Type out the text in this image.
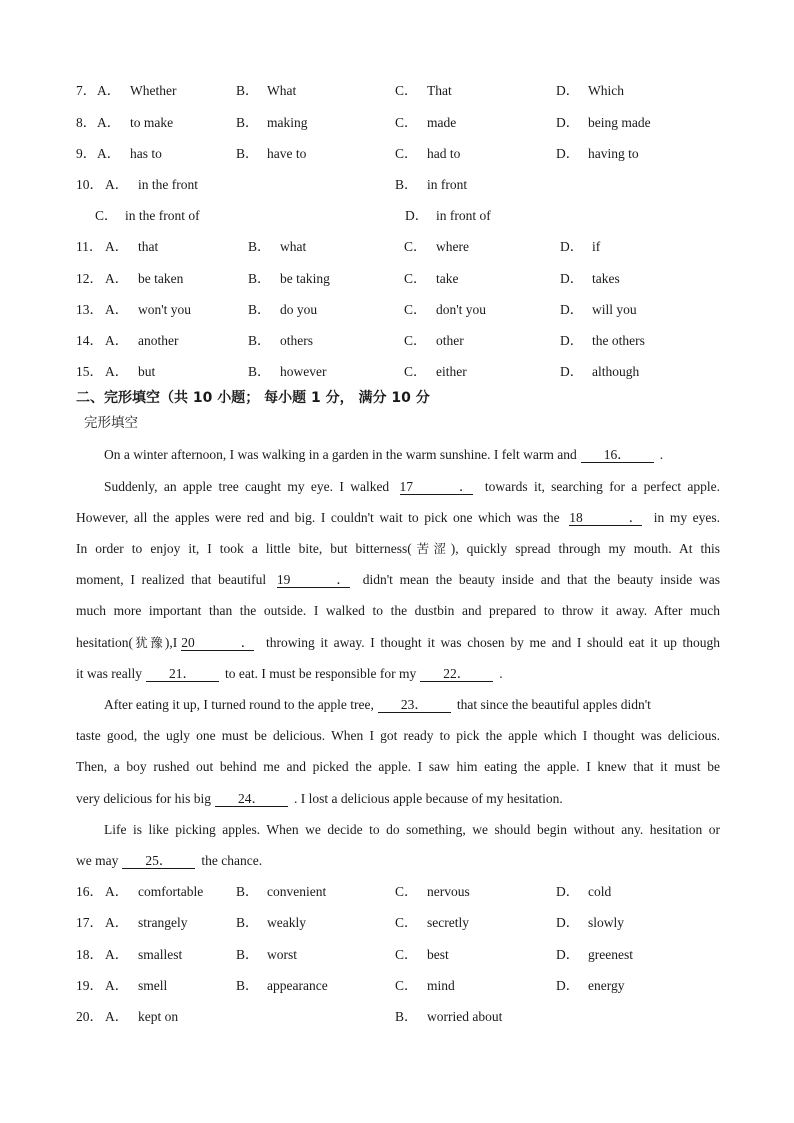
7． A． Whether	B． What	C． That	D． Which
8． A． to make	B． making	C． made	D． being made
9． A． has to	B． have to	C． had to	D． having to
10． A． in the front	B． in front
C． in the front of	D． in front of
11． A． that	B． what	C． where	D． if
12． A． be taken	B． be taking	C． take	D． takes
13． A． won't you	B． do you	C． don't you	D． will you
14． A． another	B． others	C． other	D． the others
15． A． but	B． however	C． either	D． although
二、完形填空（共 10 小题； 每小题 1 分， 满分 10 分
完形填空
On a winter afternoon, I was walking in a garden in the warm sunshine. I felt warm and 16． .
Suddenly, an apple tree caught my eye. I walked 17． towards it, searching for a perfect apple.
However, all the apples were red and big. I couldn't wait to pick one which was the 18． in my eyes.
In order to enjoy it, I took a little bite, but bitterness(苦涩), quickly spread through my mouth. At this
moment, I realized that beautiful 19． didn't mean the beauty inside and that the beauty inside was
much more important than the outside. I walked to the dustbin and prepared to throw it away. After much
hesitation(犹豫),I 20． throwing it away. I thought it was chosen by me and I should eat it up though
it was really 21． to eat. I must be responsible for my 22． .
After eating it up, I turned round to the apple tree, 23． that since the beautiful apples didn't
taste good, the ugly one must be delicious. When I got ready to pick the apple which I thought was delicious.
Then, a boy rushed out behind me and picked the apple. I saw him eating the apple. I knew that it must be
very delicious for his big 24． . I lost a delicious apple because of my hesitation.
Life is like picking apples. When we decide to do something, we should begin without any. hesitation or
we may 25． the chance.
16． A． comfortable B． convenient	C． nervous	D． cold
17． A． strangely	B． weakly	C． secretly	D． slowly
18． A． smallest	B． worst	C． best	D． greenest
19． A． smell	B． appearance	C． mind	D． energy
20． A． kept on	B． worried about
